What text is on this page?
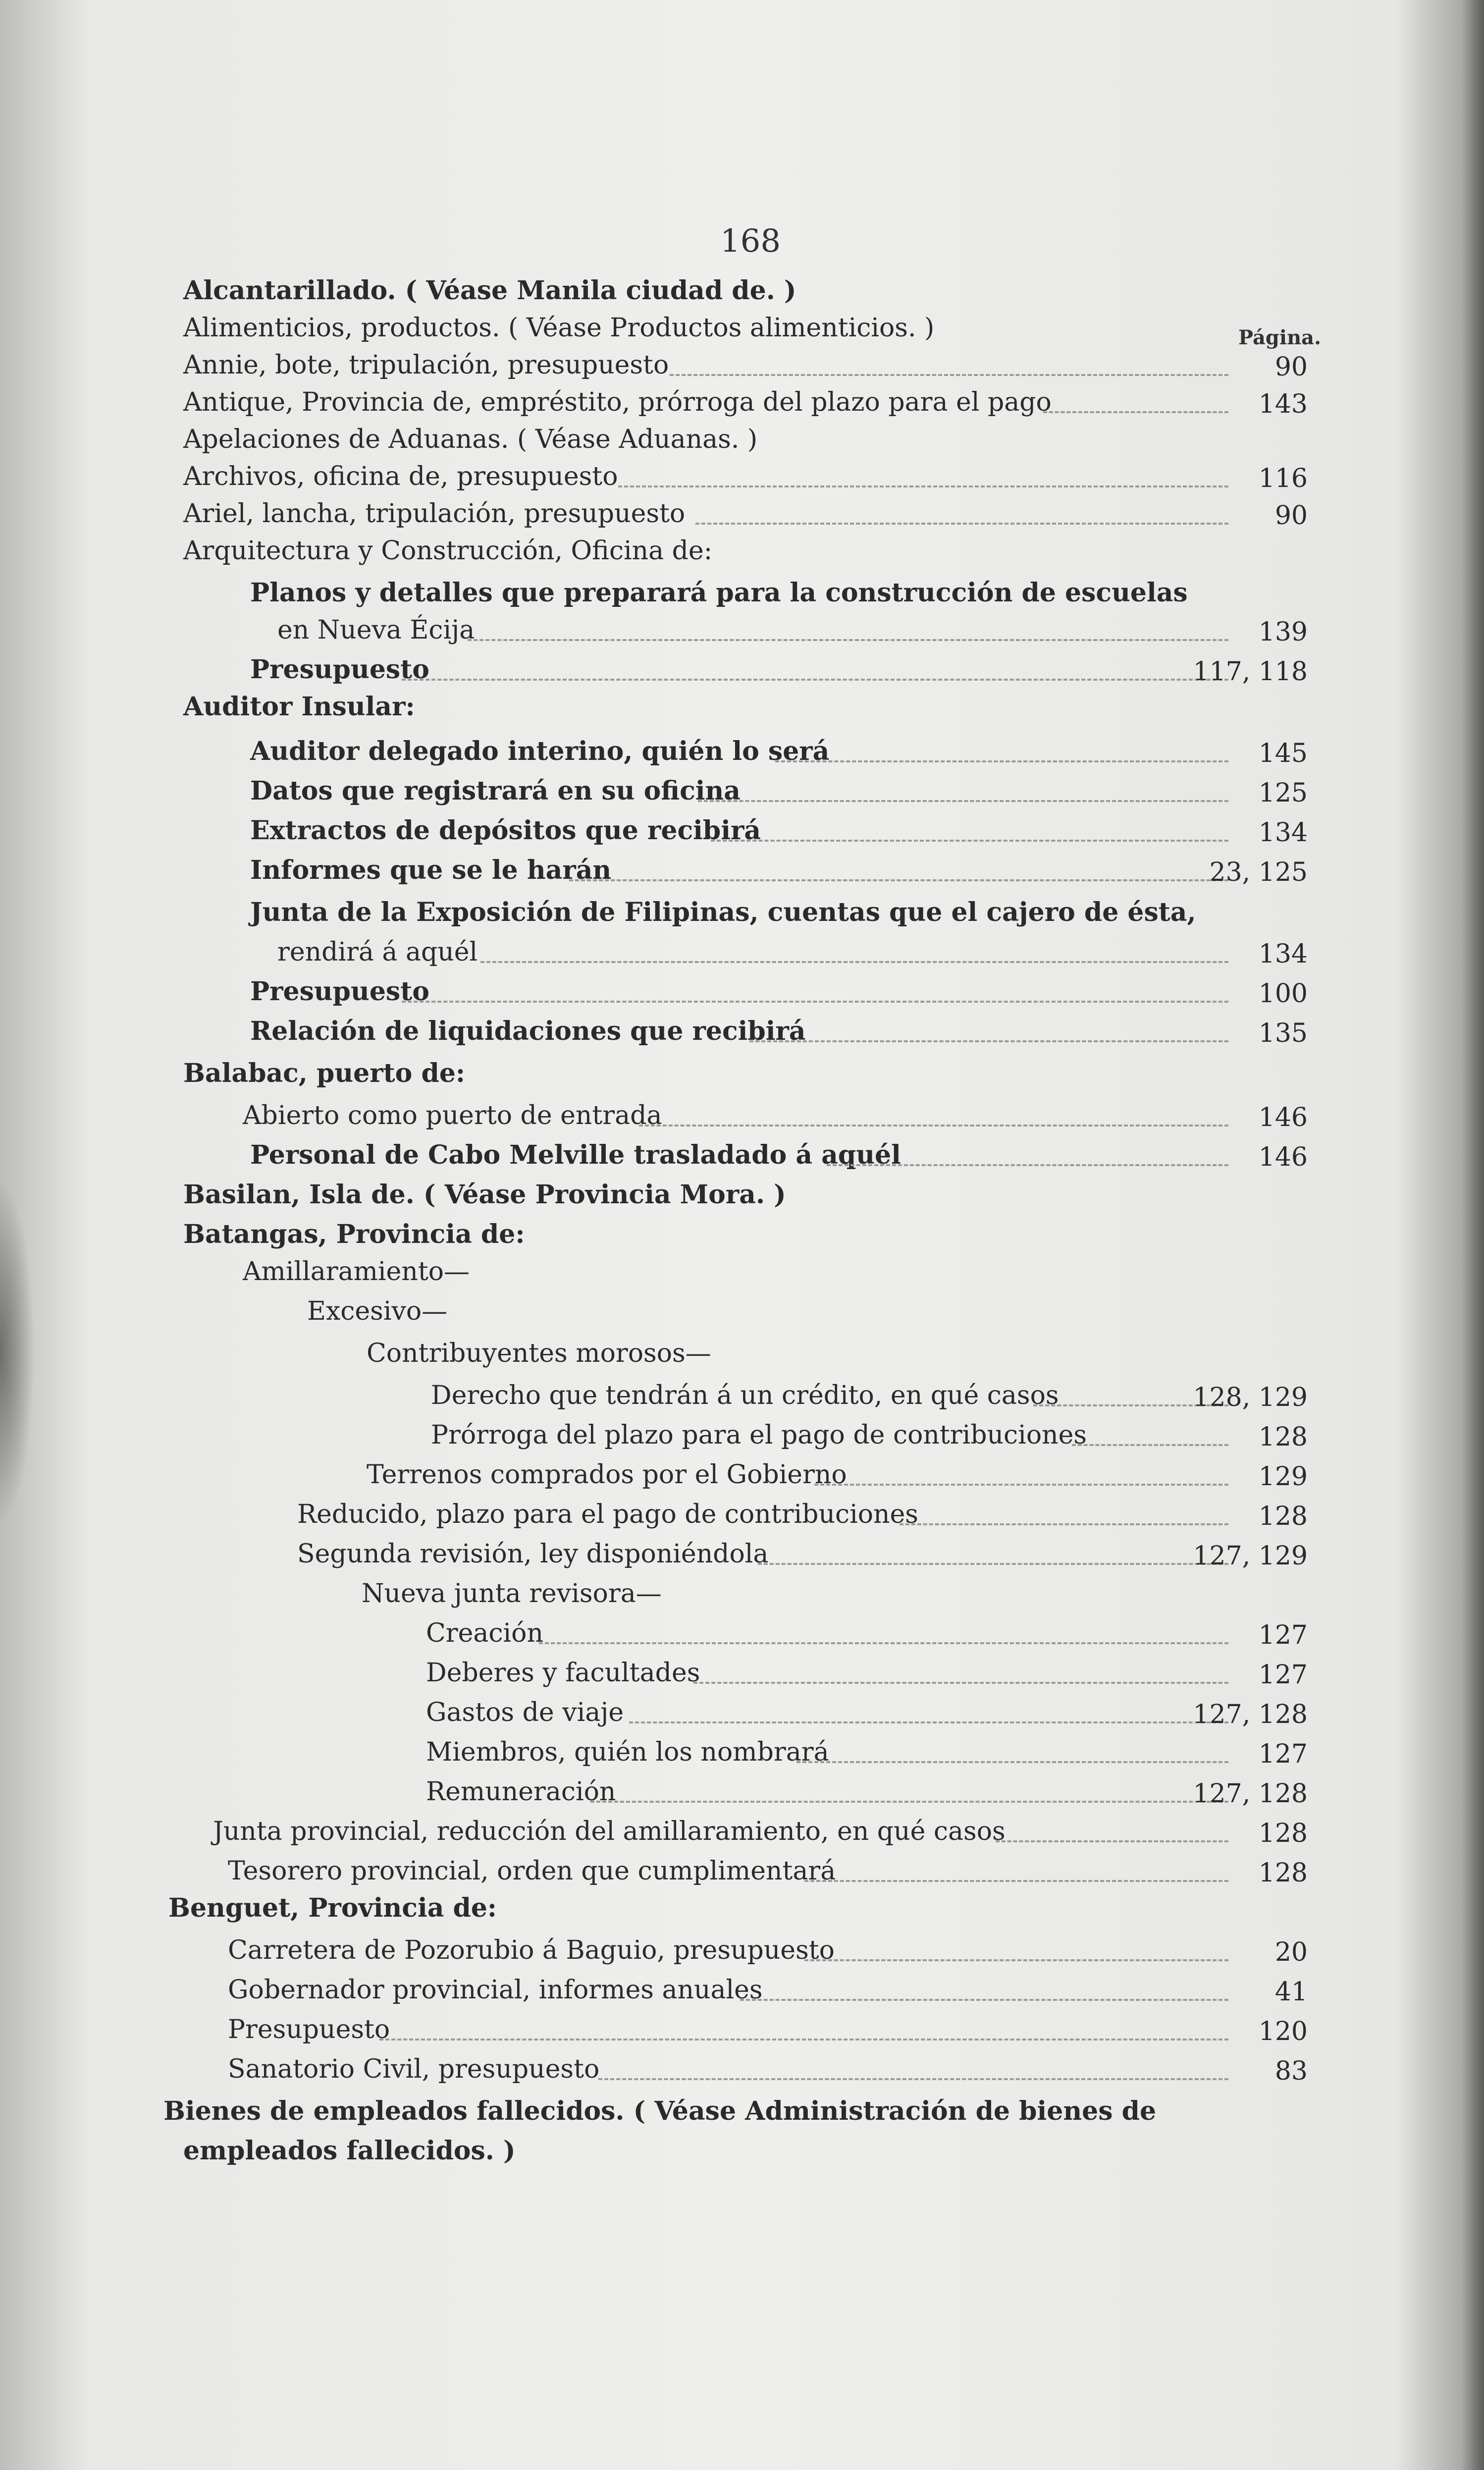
168
Página.
Alcantarillado. ( Véase Manila ciudad de. )
Alimenticios, productos. ( Véase Productos alimenticios. )
Annie, bote, tripulación, presupuesto	90
Antique, Provincia de, empréstito, prórroga del plazo para el pago	143
Apelaciones de Aduanas. ( Véase Aduanas. )
Archivos, oficina de, presupuesto	116
Ariel, lancha, tripulación, presupuesto	90
Arquitectura y Construcción, Oficina de:
Planos y detalles que preparará para la construcción de escuelas
en Nueva Écija	139
Presupuesto	117, 118
Auditor Insular:
Auditor delegado interino, quién lo será	145
Datos que registrará en su oficina	125
Extractos de depósitos que recibirá	134
Informes que se le harán	23, 125
Junta de la Exposición de Filipinas, cuentas que el cajero de ésta,
rendirá á aquél	134
Presupuesto	100
Relación de liquidaciones que recibirá	135
Balabac, puerto de:
Abierto como puerto de entrada	146
Personal de Cabo Melville trasladado á aquél	146
Basilan, Isla de. ( Véase Provincia Mora. )
Batangas, Provincia de:
Amillaramiento—
Excesivo—
Contribuyentes morosos—
Derecho que tendrán á un crédito, en qué casos	128, 129
Prórroga del plazo para el pago de contribuciones	128
Terrenos comprados por el Gobierno	129
Reducido, plazo para el pago de contribuciones	128
Segunda revisión, ley disponiéndola	127, 129
Nueva junta revisora—
Creación	127
Deberes y facultades	127
Gastos de viaje	127, 128
Miembros, quién los nombrará	127
Remuneración	127, 128
Junta provincial, reducción del amillaramiento, en qué casos	128
Tesorero provincial, orden que cumplimentará	128
Benguet, Provincia de:
Carretera de Pozorubio á Baguio, presupuesto	20
Gobernador provincial, informes anuales	41
Presupuesto	120
Sanatorio Civil, presupuesto	83
Bienes de empleados fallecidos. ( Véase Administración de bienes de
empleados fallecidos. )
